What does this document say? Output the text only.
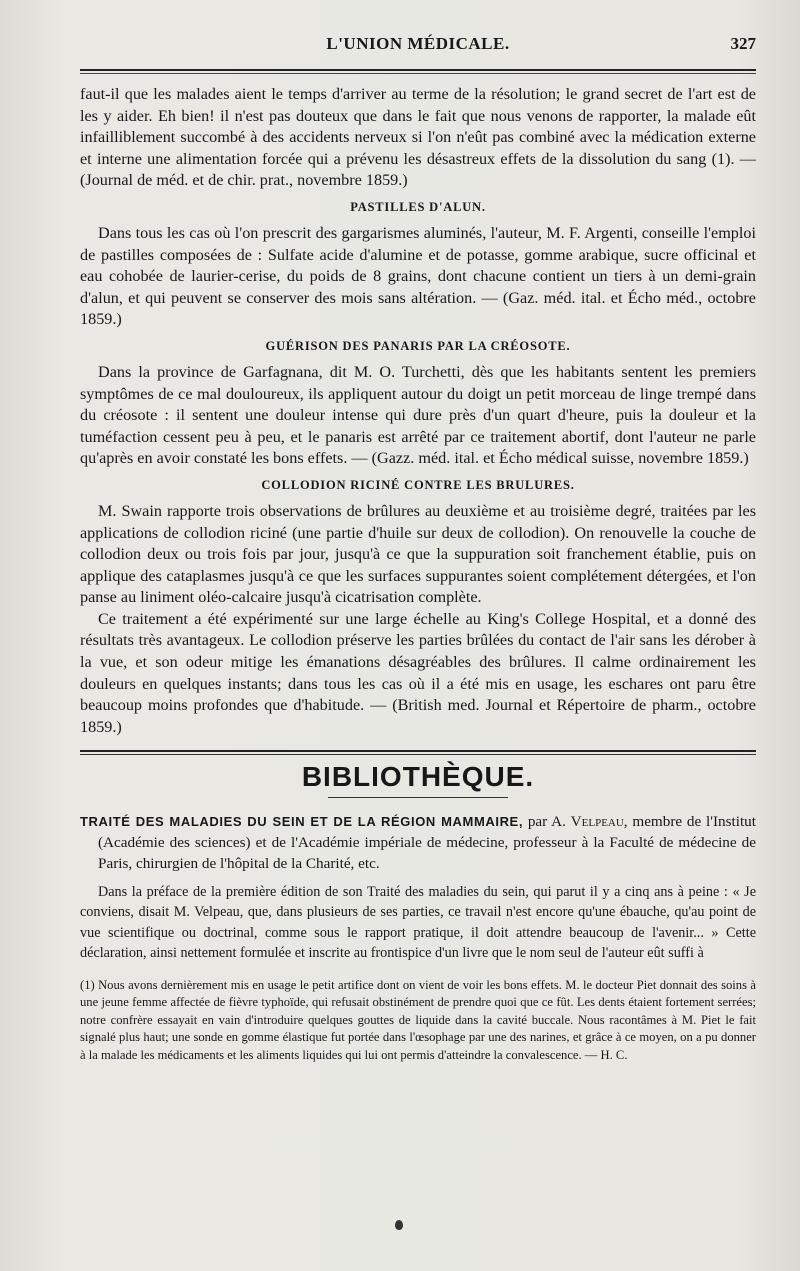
L'UNION MÉDICALE.	327

faut-il que les malades aient le temps d'arriver au terme de la résolution; le grand secret de l'art est de les y aider. Eh bien! il n'est pas douteux que dans le fait que nous venons de rapporter, la malade eût infailliblement succombé à des accidents nerveux si l'on n'eût pas combiné avec la médication externe et interne une alimentation forcée qui a prévenu les désastreux effets de la dissolution du sang (1). — (Journal de méd. et de chir. prat., novembre 1859.)

PASTILLES D'ALUN.

Dans tous les cas où l'on prescrit des gargarismes aluminés, l'auteur, M. F. Argenti, conseille l'emploi de pastilles composées de : Sulfate acide d'alumine et de potasse, gomme arabique, sucre officinal et eau cohobée de laurier-cerise, du poids de 8 grains, dont chacune contient un tiers à un demi-grain d'alun, et qui peuvent se conserver des mois sans altération. — (Gaz. méd. ital. et Écho méd., octobre 1859.)

GUÉRISON DES PANARIS PAR LA CRÉOSOTE.

Dans la province de Garfagnana, dit M. O. Turchetti, dès que les habitants sentent les premiers symptômes de ce mal douloureux, ils appliquent autour du doigt un petit morceau de linge trempé dans du créosote : il sentent une douleur intense qui dure près d'un quart d'heure, puis la douleur et la tuméfaction cessent peu à peu, et le panaris est arrêté par ce traitement abortif, dont l'auteur ne parle qu'après en avoir constaté les bons effets. — (Gazz. méd. ital. et Écho médical suisse, novembre 1859.)

COLLODION RICINÉ CONTRE LES BRULURES.

M. Swain rapporte trois observations de brûlures au deuxième et au troisième degré, traitées par les applications de collodion riciné (une partie d'huile sur deux de collodion). On renouvelle la couche de collodion deux ou trois fois par jour, jusqu'à ce que la suppuration soit franchement établie, puis on applique des cataplasmes jusqu'à ce que les surfaces suppurantes soient complétement détergées, et l'on panse au liniment oléo-calcaire jusqu'à cicatrisation complète.

Ce traitement a été expérimenté sur une large échelle au King's College Hospital, et a donné des résultats très avantageux. Le collodion préserve les parties brûlées du contact de l'air sans les dérober à la vue, et son odeur mitige les émanations désagréables des brûlures. Il calme ordinairement les douleurs en quelques instants; dans tous les cas où il a été mis en usage, les eschares ont paru être beaucoup moins profondes que d'habitude. — (British med. Journal et Répertoire de pharm., octobre 1859.)

BIBLIOTHÈQUE.
TRAITÉ DES MALADIES DU SEIN ET DE LA RÉGION MAMMAIRE, par A. Velpeau, membre de l'Institut (Académie des sciences) et de l'Académie impériale de médecine, professeur à la Faculté de médecine de Paris, chirurgien de l'hôpital de la Charité, etc.

Dans la préface de la première édition de son Traité des maladies du sein, qui parut il y a cinq ans à peine : « Je conviens, disait M. Velpeau, que, dans plusieurs de ses parties, ce travail n'est encore qu'une ébauche, qu'au point de vue scientifique ou doctrinal, comme sous le rapport pratique, il doit attendre beaucoup de l'avenir... » Cette déclaration, ainsi nettement formulée et inscrite au frontispice d'un livre que le nom seul de l'auteur eût suffi à

(1) Nous avons dernièrement mis en usage le petit artifice dont on vient de voir les bons effets. M. le docteur Piet donnait des soins à une jeune femme affectée de fièvre typhoïde, qui refusait obstinément de prendre quoi que ce fût. Les dents étaient fortement serrées; notre confrère essayait en vain d'introduire quelques gouttes de liquide dans la cavité buccale. Nous racontâmes à M. Piet le fait signalé plus haut; une sonde en gomme élastique fut portée dans l'œsophage par une des narines, et grâce à ce moyen, on a pu donner à la malade les médicaments et les aliments liquides qui lui ont permis d'atteindre la convalescence. — H. C.
